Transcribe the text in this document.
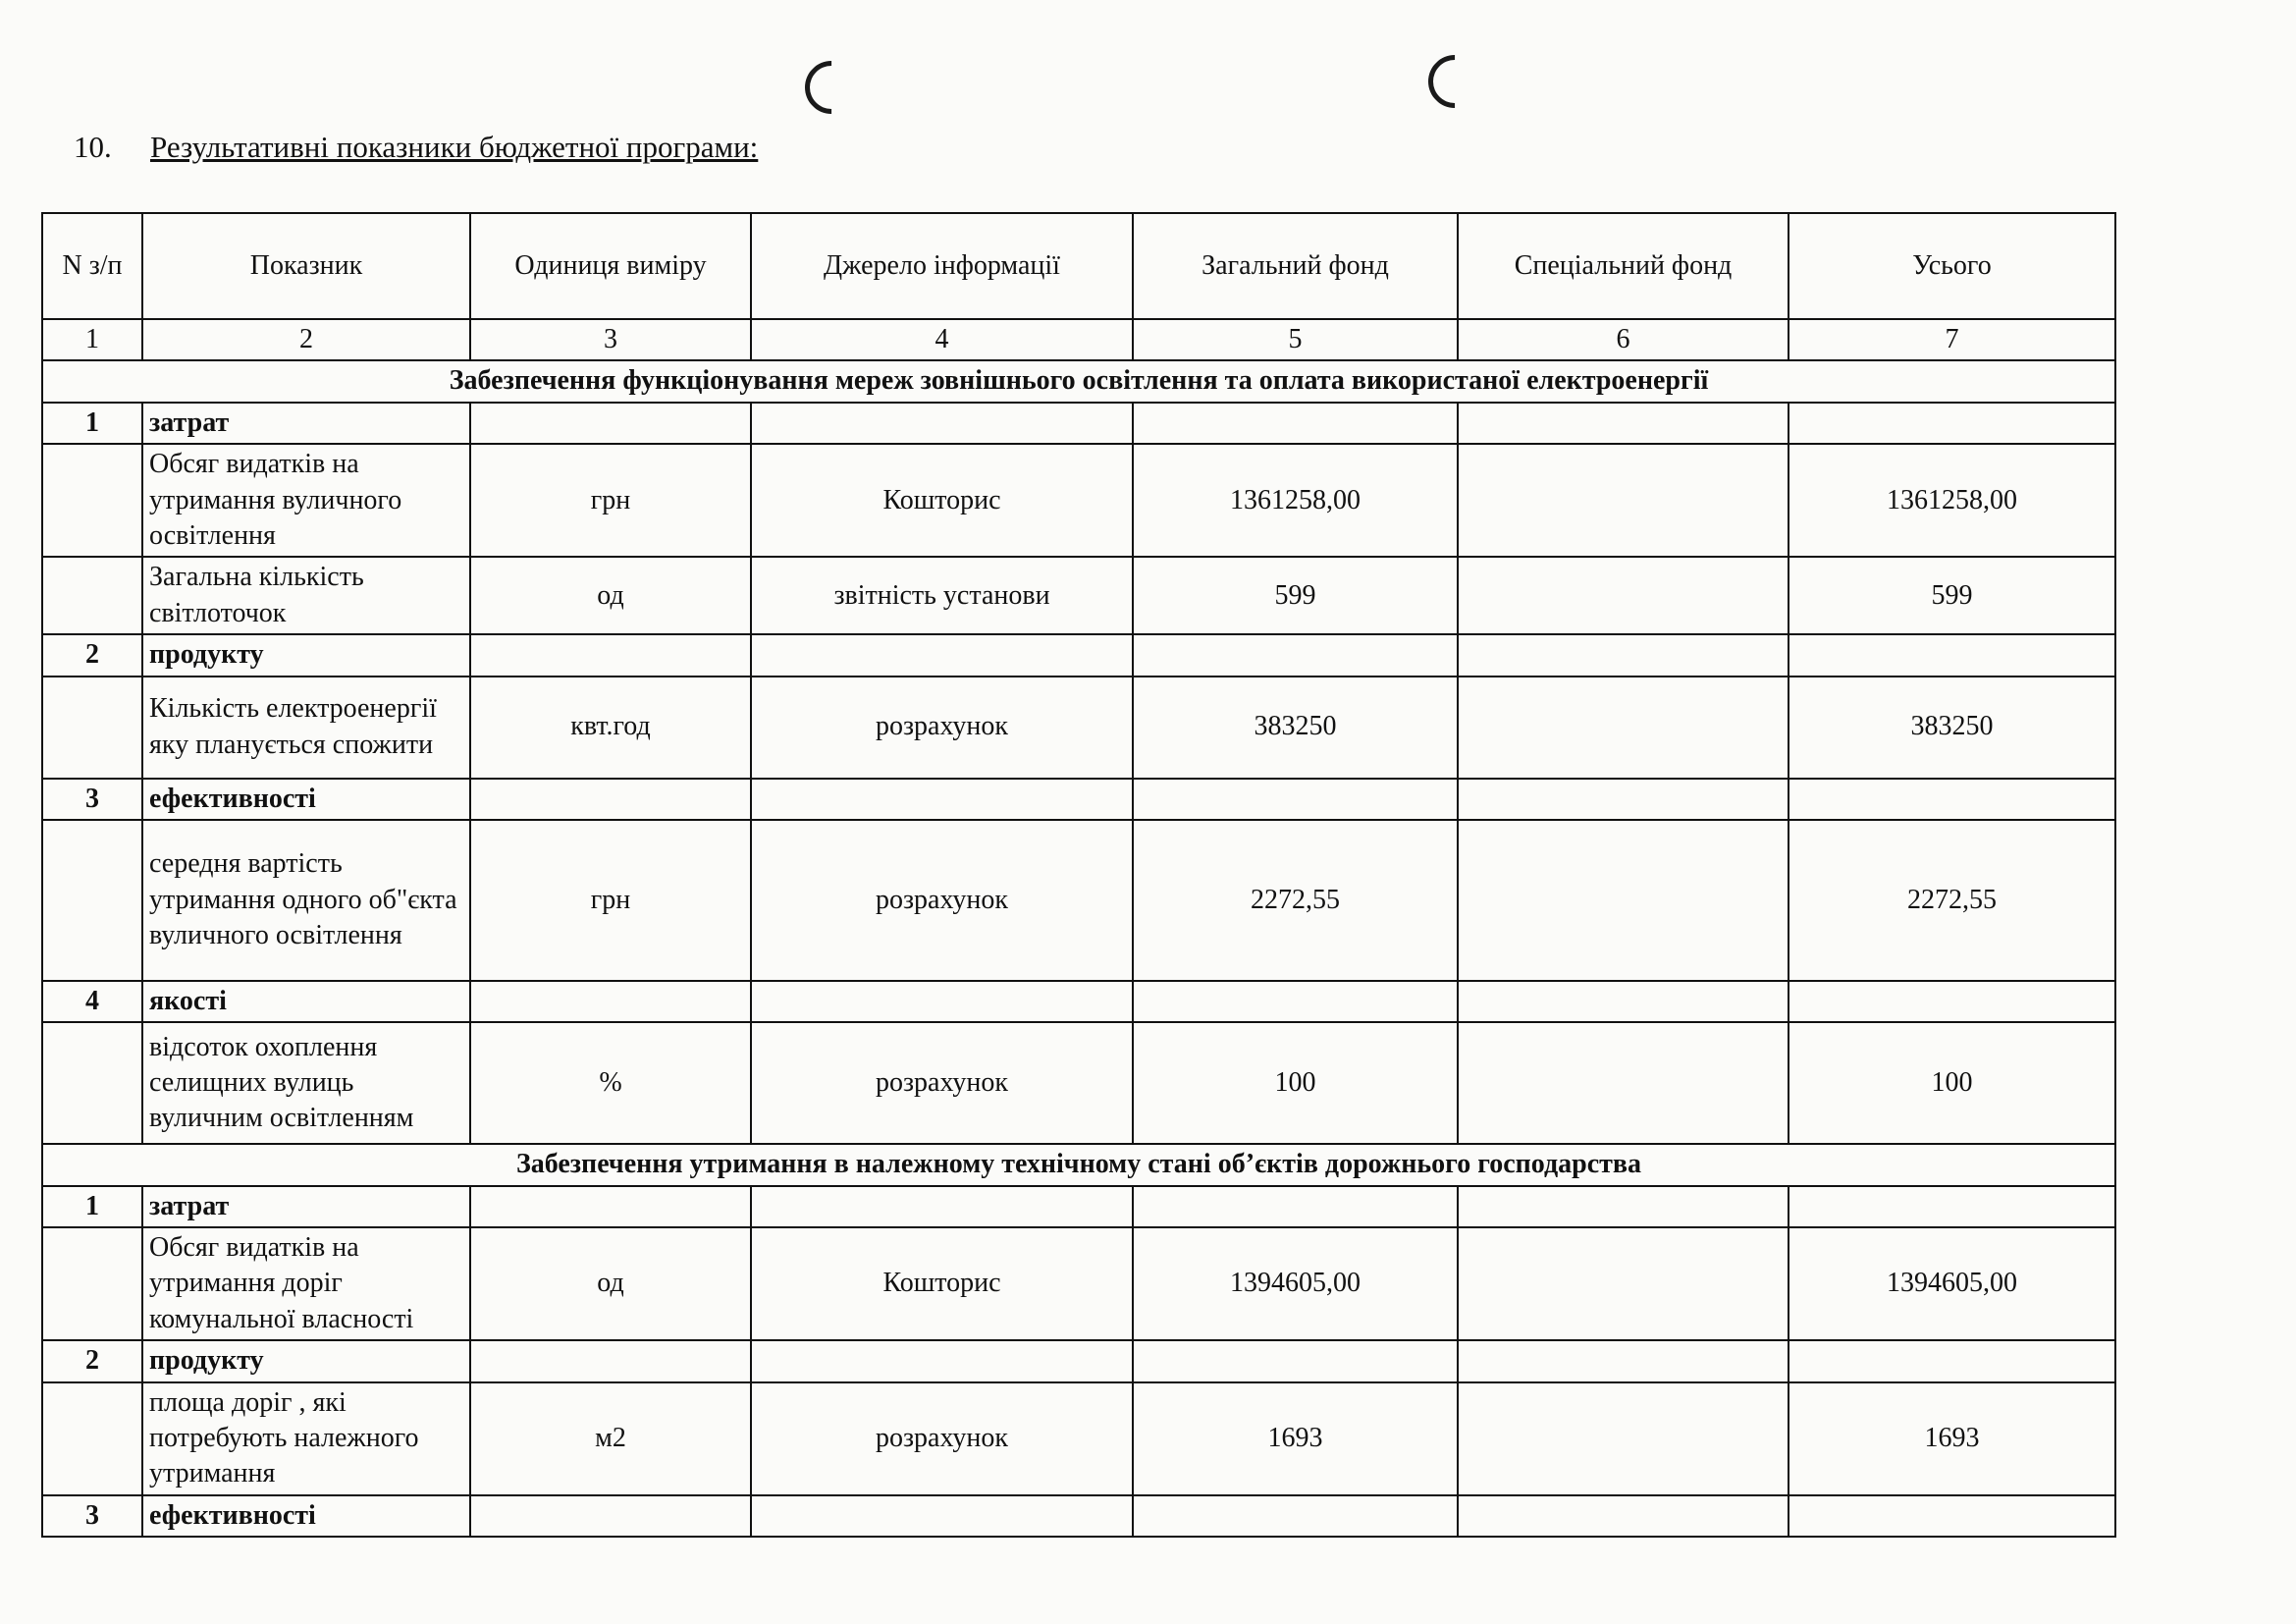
10. Результативні показники бюджетної програми:
N з/п	Показник	Одиниця виміру	Джерело інформації	Загальний фонд	Спеціальний фонд	Усього
1	2	3	4	5	6	7
Забезпечення функціонування мереж зовнішнього освітлення та оплата використаної електроенергії						
1	затрат					
	Обсяг видатків на утримання вуличного освітлення	грн	Кошторис	1361258,00		1361258,00
	Загальна кількість світлоточок	од	звітність установи	599		599
2	продукту					
	Кількість електроенергії яку планується спожити	квт.год	розрахунок	383250		383250
3	ефективності					
	середня вартість утримання одного об"єкта вуличного освітлення	грн	розрахунок	2272,55		2272,55
4	якості					
	відсоток охоплення селищних вулиць вуличним освітленням	%	розрахунок	100		100
Забезпечення утримання в належному технічному стані об’єктів дорожнього господарства						
1	затрат					
	Обсяг видатків на утримання доріг комунальної власності	од	Кошторис	1394605,00		1394605,00
2	продукту					
	площа доріг , які потребують належного утримання	м2	розрахунок	1693		1693
3	ефективності					
